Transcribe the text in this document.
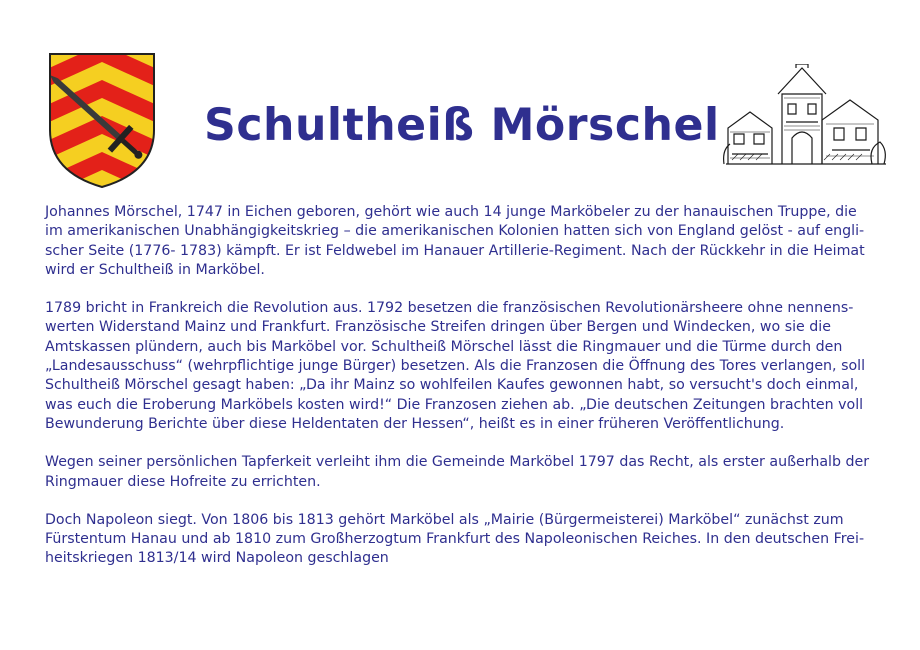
Schultheiß Mörschel

Johannes Mörschel, 1747 in Eichen geboren, gehört wie auch 14 junge Marköbeler zu der hanauischen Truppe, die
im amerikanischen Unabhängigkeitskrieg – die amerikanischen Kolonien hatten sich von England gelöst - auf engli-
scher Seite (1776- 1783) kämpft. Er ist Feldwebel im Hanauer Artillerie-Regiment. Nach der Rückkehr in die Heimat
wird er Schultheiß in Marköbel.

1789 bricht in Frankreich die Revolution aus. 1792 besetzen die französischen Revolutionärsheere ohne nennens-
werten Widerstand Mainz und Frankfurt. Französische Streifen dringen über Bergen und Windecken, wo sie die
Amtskassen plündern, auch bis Marköbel vor. Schultheiß Mörschel lässt die Ringmauer und die Türme durch den
„Landesausschuss“ (wehrpflichtige junge Bürger) besetzen. Als die Franzosen die Öffnung des Tores verlangen, soll
Schultheiß Mörschel gesagt haben: „Da ihr Mainz so wohlfeilen Kaufes gewonnen habt, so versucht's doch einmal,
was euch die Eroberung Marköbels kosten wird!“ Die Franzosen ziehen ab. „Die deutschen Zeitungen brachten voll
Bewunderung Berichte über diese Heldentaten der Hessen“, heißt es in einer früheren Veröffentlichung.

Wegen seiner persönlichen Tapferkeit verleiht ihm die Gemeinde Marköbel 1797 das Recht, als erster außerhalb der
Ringmauer diese Hofreite zu errichten.

Doch Napoleon siegt. Von 1806 bis 1813 gehört Marköbel als „Mairie (Bürgermeisterei) Marköbel“ zunächst zum
Fürstentum Hanau und ab 1810 zum Großherzogtum Frankfurt des Napoleonischen Reiches. In den deutschen Frei-
heitskriegen 1813/14 wird Napoleon geschlagen
